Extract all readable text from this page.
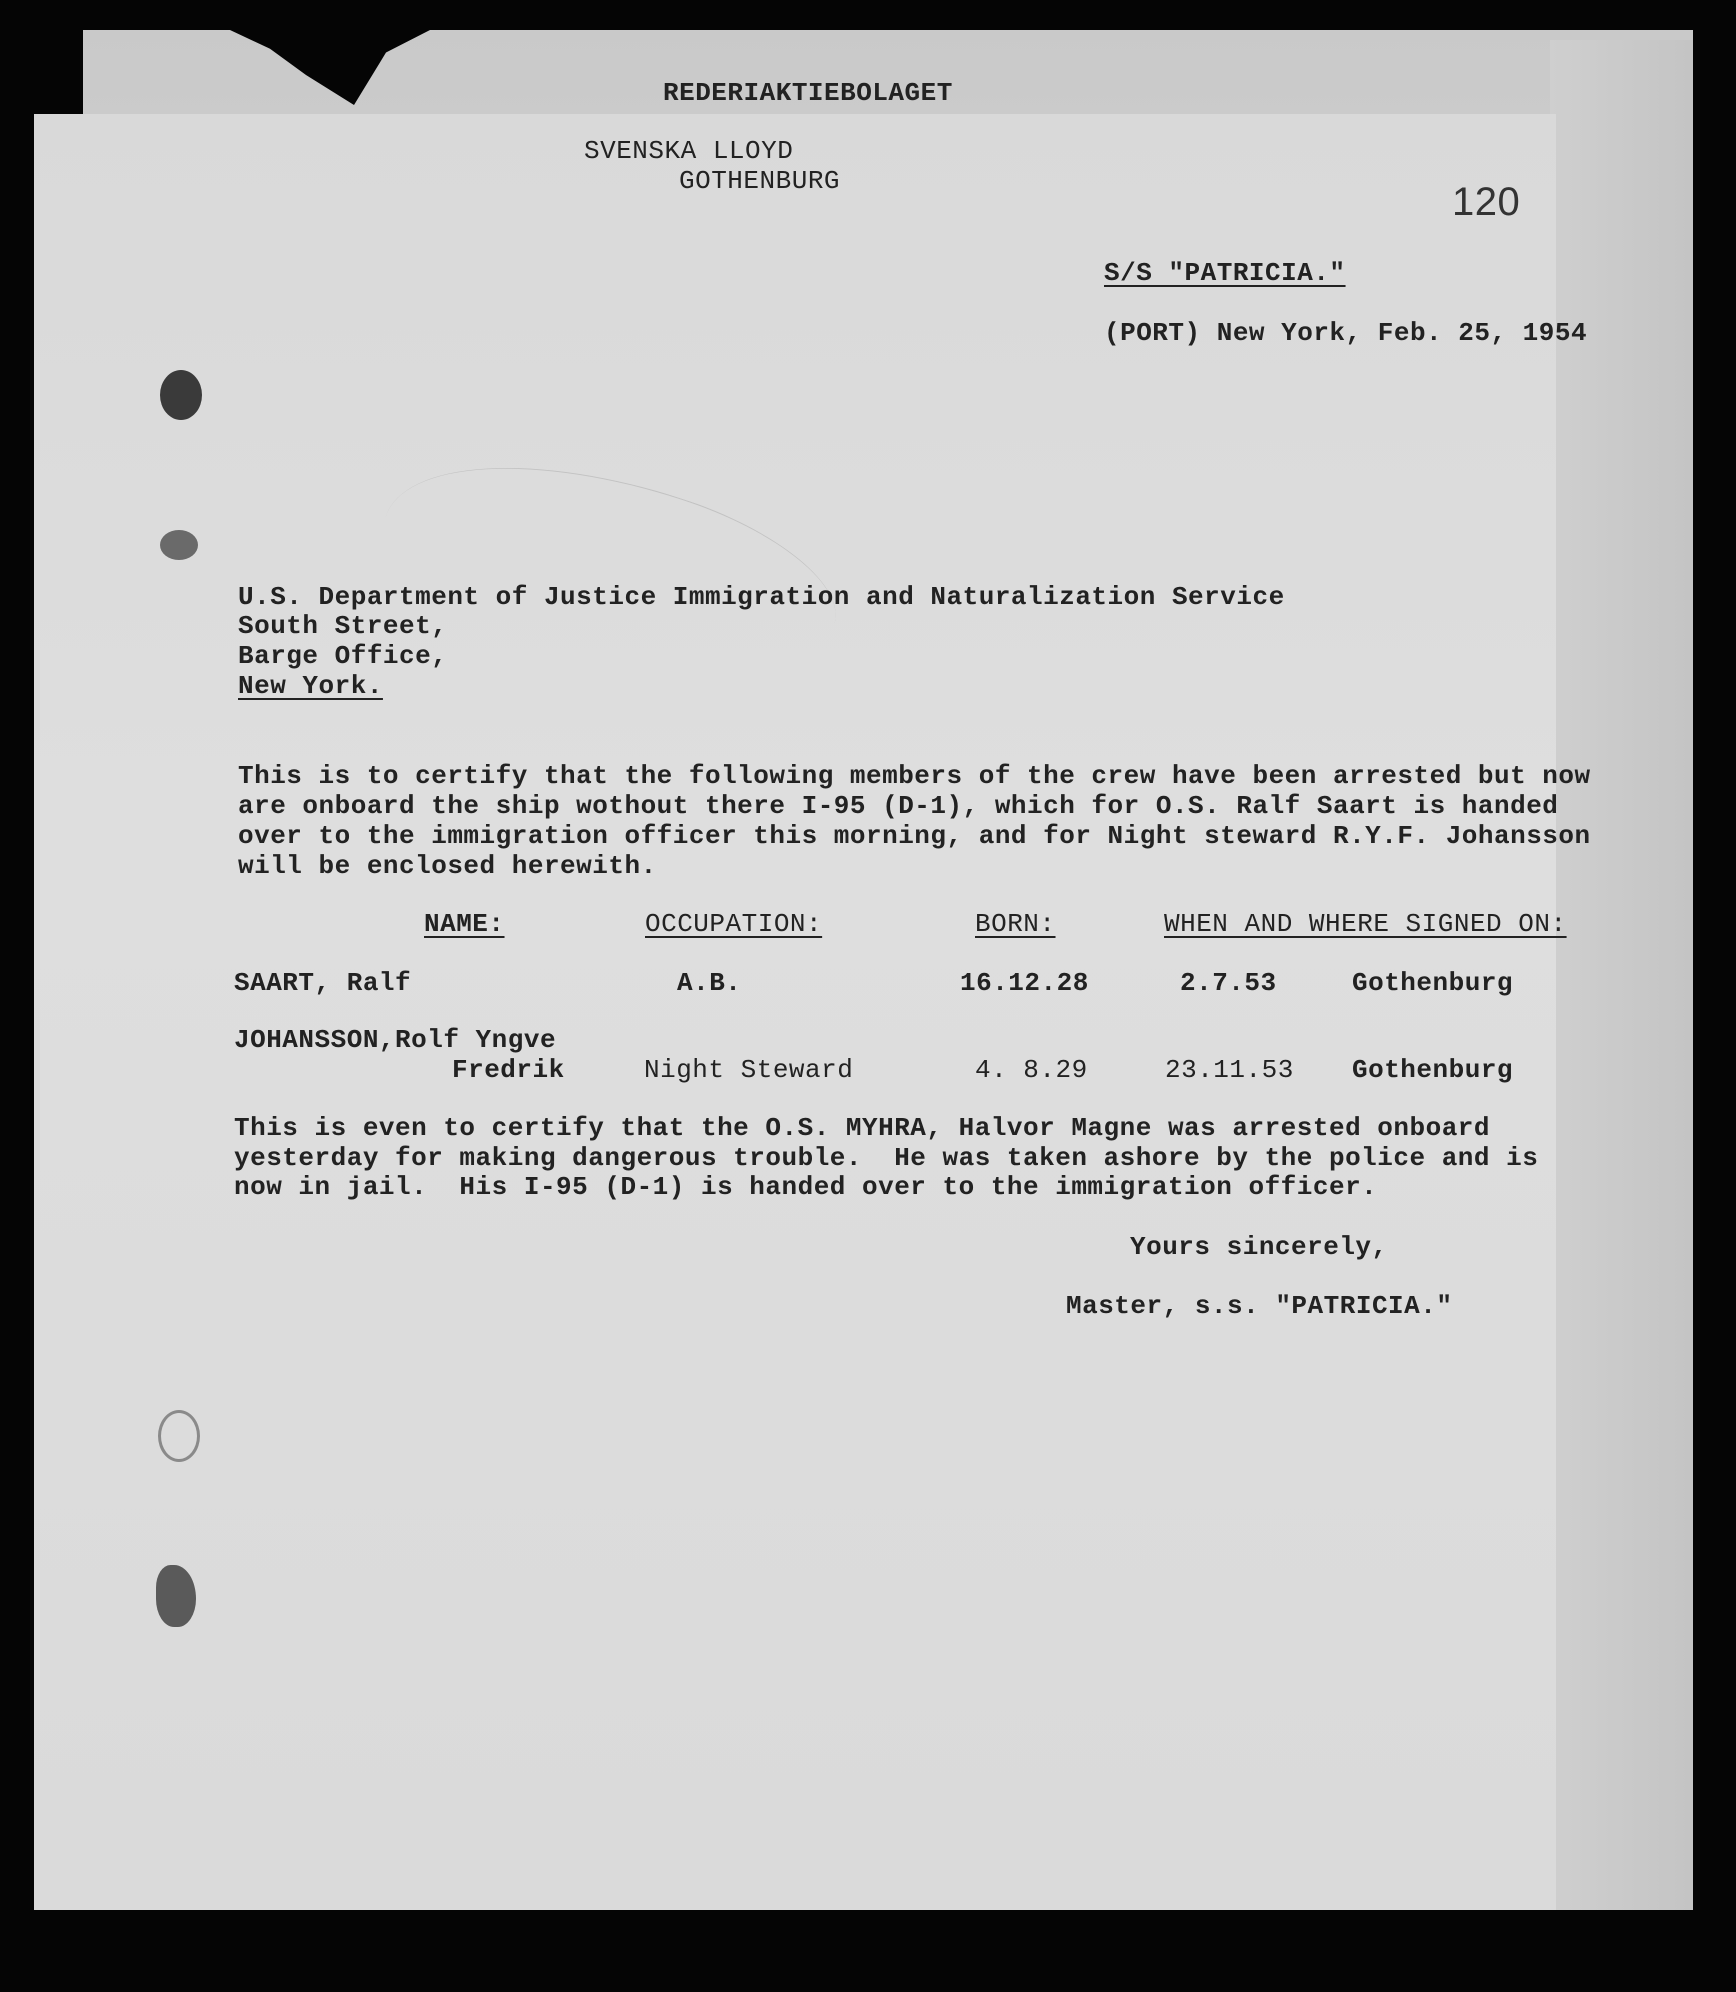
REDERIAKTIEBOLAGET
SVENSKA LLOYD
GOTHENBURG	120
S/S "PATRICIA."
(PORT) New York, Feb. 25, 1954
U.S. Department of Justice Immigration and Naturalization Service
South Street,
Barge Office,
New York.
This is to certify that the following members of the crew have been arrested but now
are onboard the ship wothout there I-95 (D-1), which for O.S. Ralf Saart is handed
over to the immigration officer this morning, and for Night steward R.Y.F. Johansson
will be enclosed herewith.
NAME:	OCCUPATION:	BORN:	WHEN AND WHERE SIGNED ON:
SAART, Ralf	A.B.	16.12.28	2.7.53	Gothenburg
JOHANSSON,Rolf Yngve
Fredrik	Night Steward	4. 8.29	23.11.53 Gothenburg
This is even to certify that the O.S. MYHRA, Halvor Magne was arrested onboard
yesterday for making dangerous trouble.  He was taken ashore by the police and is
now in jail.  His I-95 (D-1) is handed over to the immigration officer.
Yours sincerely,
Master, s.s. "PATRICIA."
